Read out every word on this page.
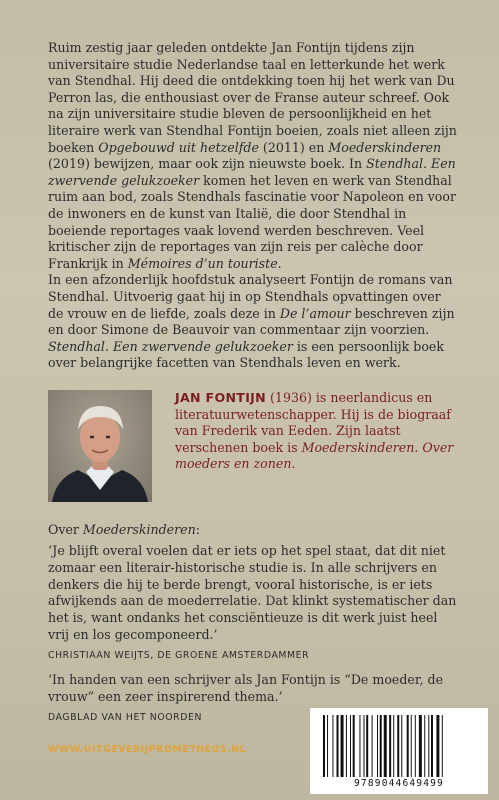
Ruim zestig jaar geleden ontdekte Jan Fontijn tijdens zijn universitaire studie Nederlandse taal en letterkunde het werk van Stendhal. Hij deed die ontdekking toen hij het werk van Du Perron las, die enthousiast over de Franse auteur schreef. Ook na zijn universitaire studie bleven de persoonlijkheid en het literaire werk van Stendhal Fontijn boeien, zoals niet alleen zijn boeken Opgebouwd uit hetzelfde (2011) en Moederskinderen (2019) bewijzen, maar ook zijn nieuwste boek. In Stendhal. Een zwervende gelukzoeker komen het leven en werk van Stendhal ruim aan bod, zoals Stendhals fascinatie voor Napoleon en voor de inwoners en de kunst van Italië, die door Stendhal in boeiende reportages vaak lovend werden beschreven. Veel kritischer zijn de reportages van zijn reis per calèche door Frankrijk in Mémoires d’un touriste.

In een afzonderlijk hoofdstuk analyseert Fontijn de romans van Stendhal. Uitvoerig gaat hij in op Stendhals opvattingen over de vrouw en de liefde, zoals deze in De l’amour beschreven zijn en door Simone de Beauvoir van commentaar zijn voorzien. Stendhal. Een zwervende gelukzoeker is een persoonlijk boek over belangrijke facetten van Stendhals leven en werk.

JAN FONTIJN (1936) is neerlandicus en literatuurwetenschapper. Hij is de biograaf van Frederik van Eeden. Zijn laatst verschenen boek is Moederskinderen. Over moeders en zonen.
Over Moederskinderen:
‘Je blijft overal voelen dat er iets op het spel staat, dat dit niet zomaar een literair-historische studie is. In alle schrijvers en denkers die hij te berde brengt, vooral historische, is er iets afwijkends aan de moederrelatie. Dat klinkt systematischer dan het is, want ondanks het consciëntieuze is dit werk juist heel vrij en los gecomponeerd.’
CHRISTIAAN WEIJTS, DE GROENE AMSTERDAMMER
‘In handen van een schrijver als Jan Fontijn is “De moeder, de vrouw” een zeer inspirerend thema.’
DAGBLAD VAN HET NOORDEN
WWW.UITGEVERIJPROMETHEUS.NL
9789044649499
